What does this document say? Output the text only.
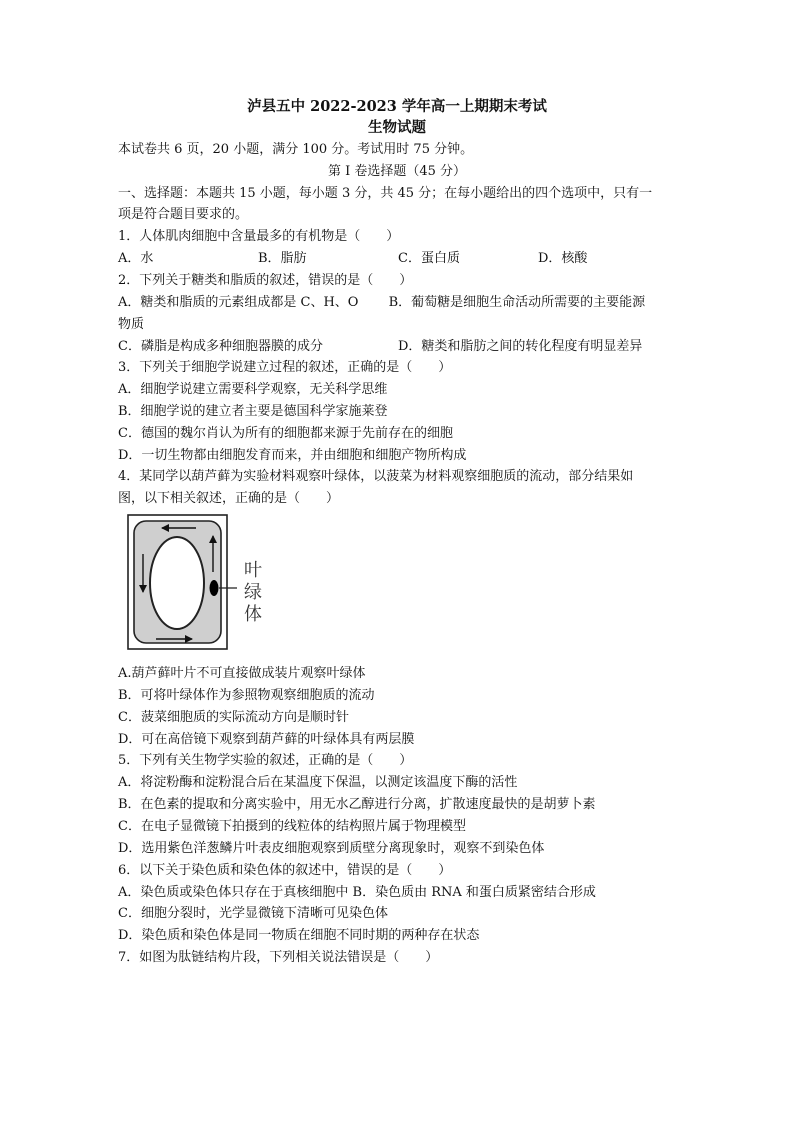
泸县五中 2022-2023 学年高一上期期末考试
生物试题
本试卷共 6 页，20 小题，满分 100 分。考试用时 75 分钟。
第 I 卷选择题（45 分）
一、选择题：本题共 15 小题，每小题 3 分，共 45 分；在每小题给出的四个选项中，只有一
项是符合题目要求的。
1．人体肌肉细胞中含量最多的有机物是（　　）
A．水	B．脂肪	C．蛋白质	D．核酸
2．下列关于糖类和脂质的叙述，错误的是（　　）
A．糖类和脂质的元素组成都是 C、H、O　　 B．葡萄糖是细胞生命活动所需要的主要能源
物质
C．磷脂是构成多种细胞器膜的成分	D．糖类和脂肪之间的转化程度有明显差异
3．下列关于细胞学说建立过程的叙述，正确的是（　　）
A．细胞学说建立需要科学观察，无关科学思维
B．细胞学说的建立者主要是德国科学家施莱登
C．德国的魏尔肖认为所有的细胞都来源于先前存在的细胞
D．一切生物都由细胞发育而来，并由细胞和细胞产物所构成
4．某同学以葫芦藓为实验材料观察叶绿体，以菠菜为材料观察细胞质的流动，部分结果如
图，以下相关叙述，正确的是（　　）
叶
绿
体
A.葫芦藓叶片不可直接做成装片观察叶绿体
B．可将叶绿体作为参照物观察细胞质的流动
C．菠菜细胞质的实际流动方向是顺时针
D．可在高倍镜下观察到葫芦藓的叶绿体具有两层膜
5．下列有关生物学实验的叙述，正确的是（　　）
A．将淀粉酶和淀粉混合后在某温度下保温，以测定该温度下酶的活性
B．在色素的提取和分离实验中，用无水乙醇进行分离，扩散速度最快的是胡萝卜素
C．在电子显微镜下拍摄到的线粒体的结构照片属于物理模型
D．选用紫色洋葱鳞片叶表皮细胞观察到质壁分离现象时，观察不到染色体
6．以下关于染色质和染色体的叙述中，错误的是（　　）
A．染色质或染色体只存在于真核细胞中 B．染色质由 RNA 和蛋白质紧密结合形成
C．细胞分裂时，光学显微镜下清晰可见染色体
D．染色质和染色体是同一物质在细胞不同时期的两种存在状态
7．如图为肽链结构片段，下列相关说法错误是（　　）
